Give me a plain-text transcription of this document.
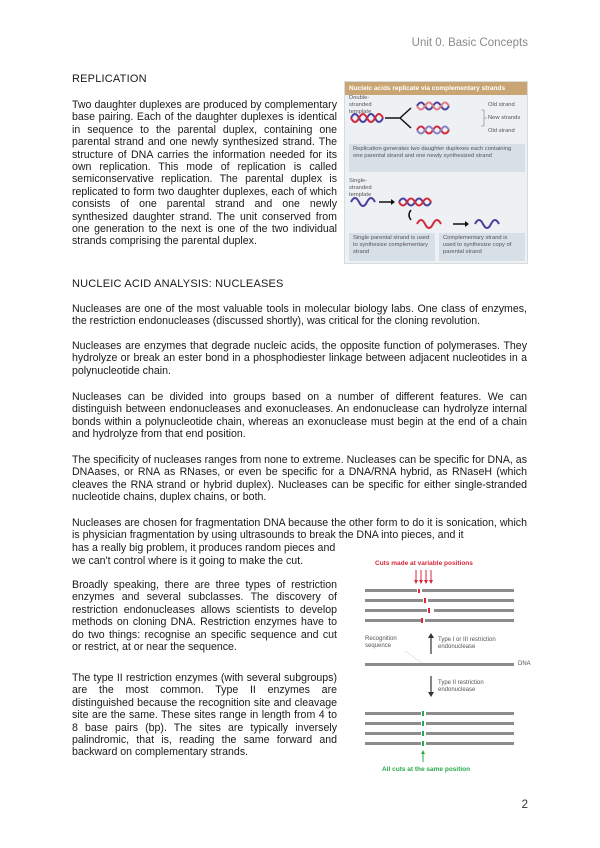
Unit 0. Basic Concepts
REPLICATION
Two daughter duplexes are produced by complementary base pairing. Each of the daughter duplexes is identical in sequence to the parental duplex, containing one parental strand and one newly synthesized strand. The structure of DNA carries the information needed for its own replication. This mode of replication is called semiconservative replication. The parental duplex is replicated to form two daughter duplexes, each of which consists of one parental strand and one newly synthesized daughter strand. The unit conserved from one generation to the next is one of the two individual strands comprising the parental duplex.
Nucleic acids replicate via complementary strands
Double-stranded template
Old strand
New strands
Old strand
Replication generates two daughter duplexes each containing one parental strand and one newly synthesized strand
Single-stranded template
Single parental strand is used to synthesize complementary strand
Complementary strand is used to synthesize copy of parental strand
NUCLEIC ACID ANALYSIS: NUCLEASES
Nucleases are one of the most valuable tools in molecular biology labs. One class of enzymes, the restriction endonucleases (discussed shortly), was critical for the cloning revolution.
Nucleases are enzymes that degrade nucleic acids, the opposite function of polymerases. They hydrolyze or break an ester bond in a phosphodiester linkage between adjacent nucleotides in a polynucleotide chain.
Nucleases can be divided into groups based on a number of different features. We can distinguish between endonucleases and exonucleases. An endonuclease can hydrolyze internal bonds within a polynucleotide chain, whereas an exonuclease must begin at the end of a chain and hydrolyze from that end position.
The specificity of nucleases ranges from none to extreme. Nucleases can be specific for DNA, as DNAases, or RNA as RNases, or even be specific for a DNA/RNA hybrid, as RNaseH (which cleaves the RNA strand or hybrid duplex). Nucleases can be specific for either single-stranded nucleotide chains, duplex chains, or both.
Nucleases are chosen for fragmentation DNA because the other form to do it is sonication, which is physician fragmentation by using ultrasounds to break the DNA into pieces, and it
has a really big problem, it produces random pieces and
we can't control where is it going to make the cut.
Broadly speaking, there are three types of restriction enzymes and several subclasses. The discovery of restriction endonucleases allows scientists to develop methods on cloning DNA. Restriction enzymes have to do two things: recognise an specific sequence and cut or restrict, at or near the sequence.
The type II restriction enzymes (with several subgroups) are the most common. Type II enzymes are distinguished because the recognition site and cleavage site are the same. These sites range in length from 4 to 8 base pairs (bp). The sites are typically inversely palindromic, that is, reading the same forward and backward on complementary strands.
Cuts made at variable positions
Recognition sequence
Type I or III restriction endonuclease
DNA
Type II restriction endonuclease
All cuts at the same position
2
